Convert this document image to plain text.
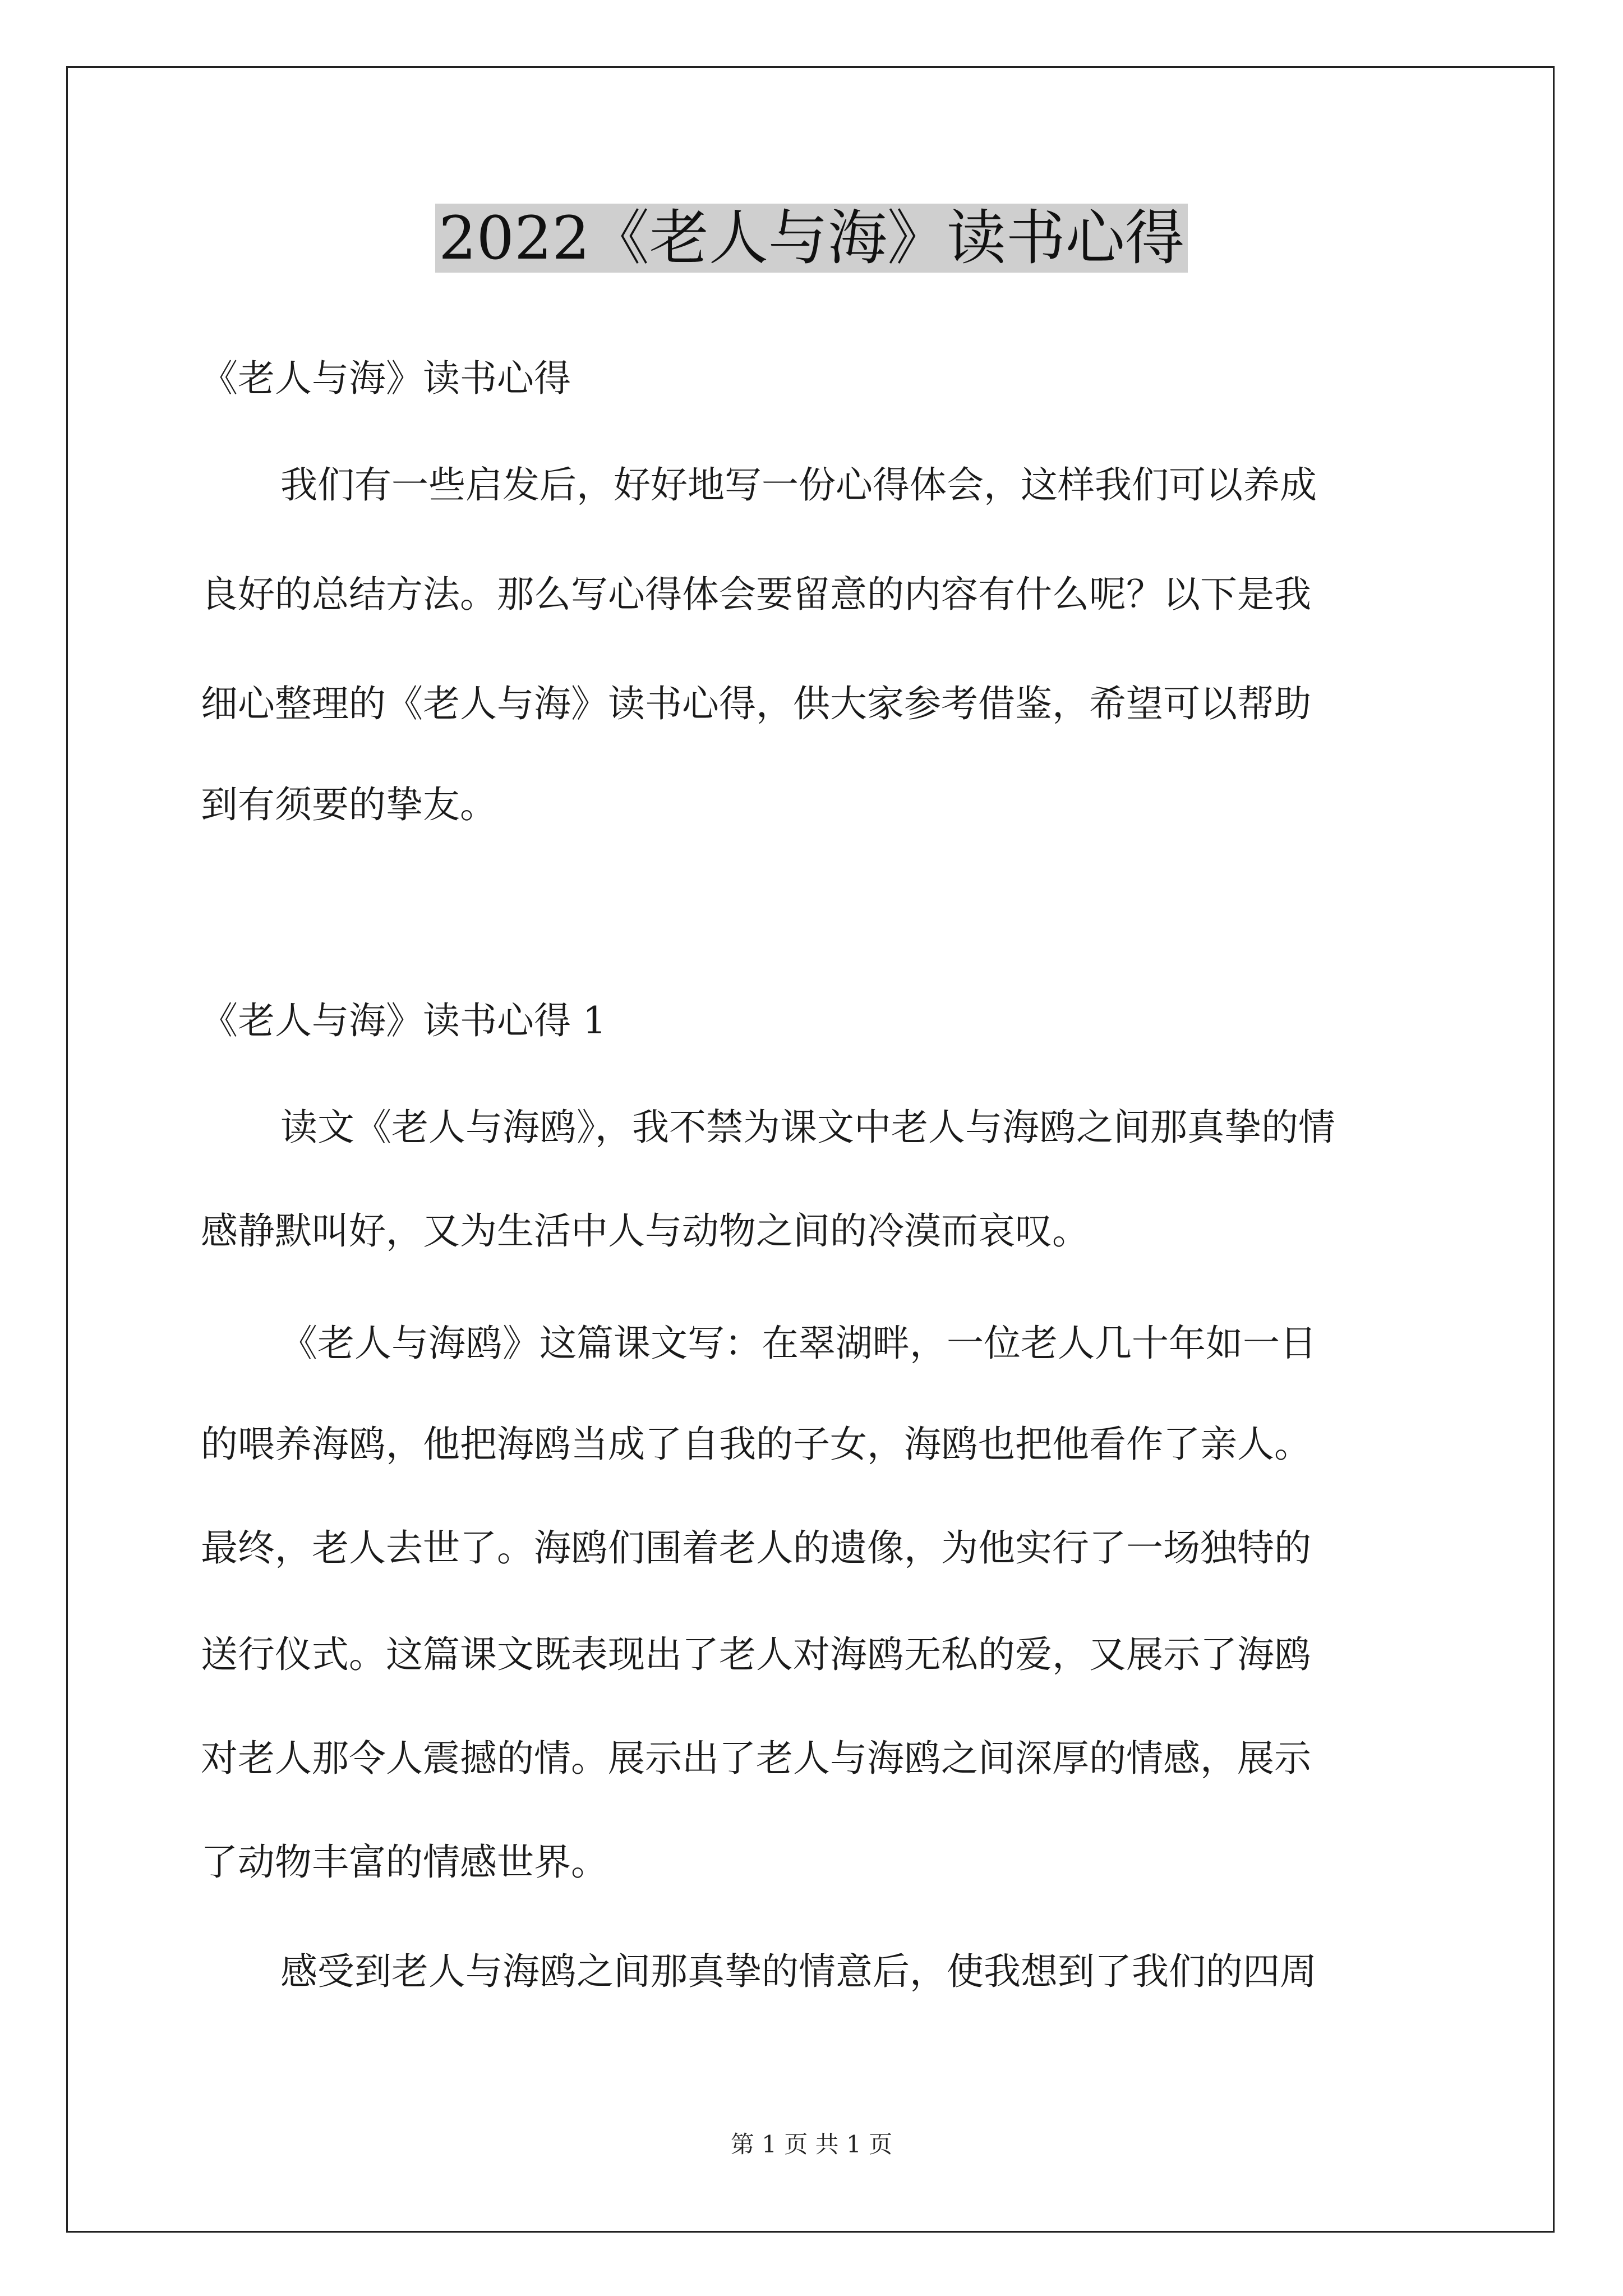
2022《老人与海》读书心得
《老人与海》读书心得
我们有一些启发后，好好地写一份心得体会，这样我们可以养成
良好的总结方法。那么写心得体会要留意的内容有什么呢？以下是我
细心整理的《老人与海》读书心得，供大家参考借鉴，希望可以帮助
到有须要的挚友。
《老人与海》读书心得 1
读文《老人与海鸥》，我不禁为课文中老人与海鸥之间那真挚的情
感静默叫好，又为生活中人与动物之间的冷漠而哀叹。
《老人与海鸥》这篇课文写：在翠湖畔，一位老人几十年如一日
的喂养海鸥，他把海鸥当成了自我的子女，海鸥也把他看作了亲人。
最终，老人去世了。海鸥们围着老人的遗像，为他实行了一场独特的
送行仪式。这篇课文既表现出了老人对海鸥无私的爱，又展示了海鸥
对老人那令人震撼的情。展示出了老人与海鸥之间深厚的情感，展示
了动物丰富的情感世界。
感受到老人与海鸥之间那真挚的情意后，使我想到了我们的四周
第 1 页 共 1 页
